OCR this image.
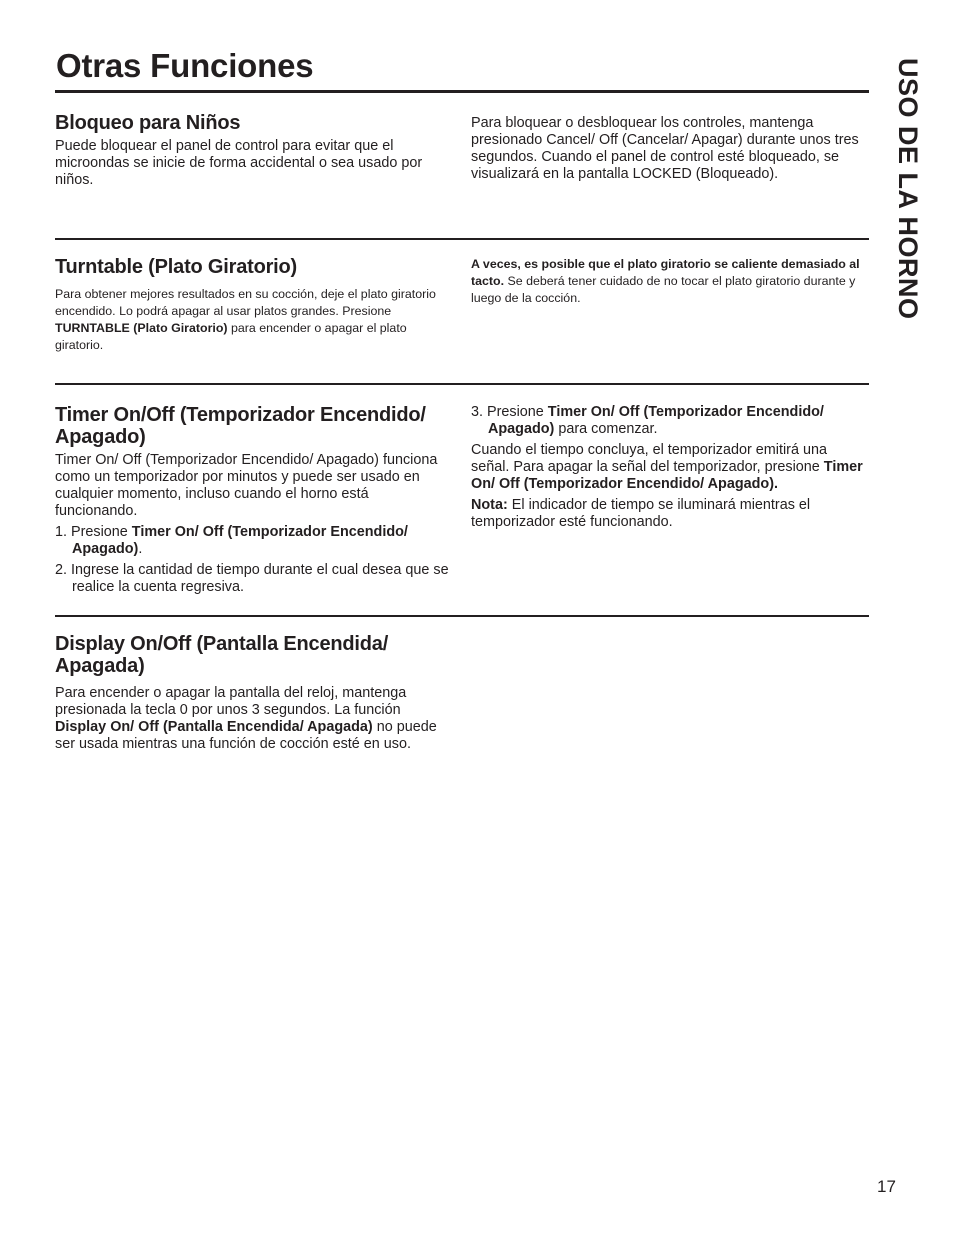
Otras Funciones	USO DE LA HORNO
Bloqueo para Niños

Puede bloquear el panel de control para evitar que el microondas se inicie de forma accidental o sea usado por niños.

Para bloquear o desbloquear los controles, mantenga presionado Cancel/ Off (Cancelar/ Apagar) durante unos tres segundos. Cuando el panel de control esté bloqueado, se visualizará en la pantalla LOCKED (Bloqueado).

Turntable (Plato Giratorio)

Para obtener mejores resultados en su cocción, deje el plato giratorio encendido. Lo podrá apagar al usar platos grandes. Presione TURNTABLE (Plato Giratorio) para encender o apagar el plato giratorio.

A veces, es posible que el plato giratorio se caliente demasiado al tacto. Se deberá tener cuidado de no tocar el plato giratorio durante y luego de la cocción.

Timer On/Off (Temporizador Encendido/ Apagado)

Timer On/ Off (Temporizador Encendido/ Apagado) funciona como un temporizador por minutos y puede ser usado en cualquier momento, incluso cuando el horno está funcionando.

1. Presione Timer On/ Off (Temporizador Encendido/ Apagado).
2. Ingrese la cantidad de tiempo durante el cual desea que se realice la cuenta regresiva.
3. Presione Timer On/ Off (Temporizador Encendido/ Apagado) para comenzar.

Cuando el tiempo concluya, el temporizador emitirá una señal. Para apagar la señal del temporizador, presione Timer On/ Off (Temporizador Encendido/ Apagado).

Nota: El indicador de tiempo se iluminará mientras el temporizador esté funcionando.

Display On/Off (Pantalla Encendida/ Apagada)

Para encender o apagar la pantalla del reloj, mantenga presionada la tecla 0 por unos 3 segundos. La función Display On/ Off (Pantalla Encendida/ Apagada) no puede ser usada mientras una función de cocción esté en uso.

17
